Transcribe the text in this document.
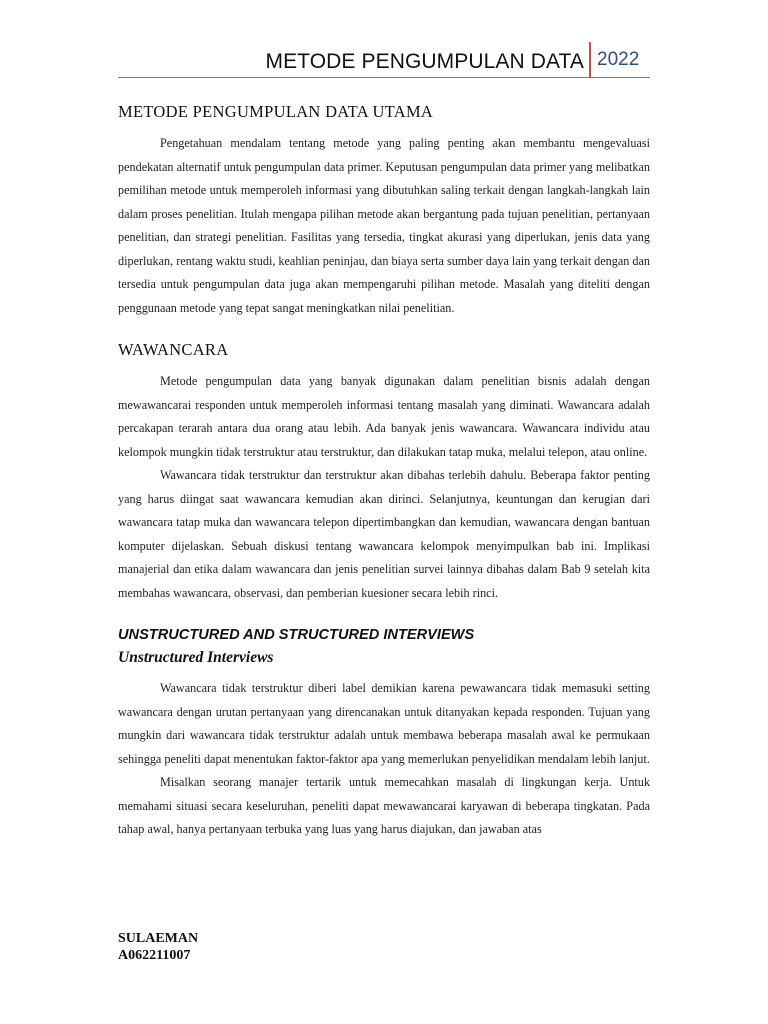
METODE PENGUMPULAN DATA 2022
METODE PENGUMPULAN DATA UTAMA

Pengetahuan mendalam tentang metode yang paling penting akan membantu mengevaluasi pendekatan alternatif untuk pengumpulan data primer. Keputusan pengumpulan data primer yang melibatkan pemilihan metode untuk memperoleh informasi yang dibutuhkan saling terkait dengan langkah-langkah lain dalam proses penelitian. Itulah mengapa pilihan metode akan bergantung pada tujuan penelitian, pertanyaan penelitian, dan strategi penelitian. Fasilitas yang tersedia, tingkat akurasi yang diperlukan, jenis data yang diperlukan, rentang waktu studi, keahlian peninjau, dan biaya serta sumber daya lain yang terkait dengan dan tersedia untuk pengumpulan data juga akan mempengaruhi pilihan metode. Masalah yang diteliti dengan penggunaan metode yang tepat sangat meningkatkan nilai penelitian.

WAWANCARA

Metode pengumpulan data yang banyak digunakan dalam penelitian bisnis adalah dengan mewawancarai responden untuk memperoleh informasi tentang masalah yang diminati. Wawancara adalah percakapan terarah antara dua orang atau lebih. Ada banyak jenis wawancara. Wawancara individu atau kelompok mungkin tidak terstruktur atau terstruktur, dan dilakukan tatap muka, melalui telepon, atau online.

Wawancara tidak terstruktur dan terstruktur akan dibahas terlebih dahulu. Beberapa faktor penting yang harus diingat saat wawancara kemudian akan dirinci. Selanjutnya, keuntungan dan kerugian dari wawancara tatap muka dan wawancara telepon dipertimbangkan dan kemudian, wawancara dengan bantuan komputer dijelaskan. Sebuah diskusi tentang wawancara kelompok menyimpulkan bab ini. Implikasi manajerial dan etika dalam wawancara dan jenis penelitian survei lainnya dibahas dalam Bab 9 setelah kita membahas wawancara, observasi, dan pemberian kuesioner secara lebih rinci.

UNSTRUCTURED AND STRUCTURED INTERVIEWS
Unstructured Interviews

Wawancara tidak terstruktur diberi label demikian karena pewawancara tidak memasuki setting wawancara dengan urutan pertanyaan yang direncanakan untuk ditanyakan kepada responden. Tujuan yang mungkin dari wawancara tidak terstruktur adalah untuk membawa beberapa masalah awal ke permukaan sehingga peneliti dapat menentukan faktor-faktor apa yang memerlukan penyelidikan mendalam lebih lanjut.

Misalkan seorang manajer tertarik untuk memecahkan masalah di lingkungan kerja. Untuk memahami situasi secara keseluruhan, peneliti dapat mewawancarai karyawan di beberapa tingkatan. Pada tahap awal, hanya pertanyaan terbuka yang luas yang harus diajukan, dan jawaban atas

SULAEMAN
A062211007
